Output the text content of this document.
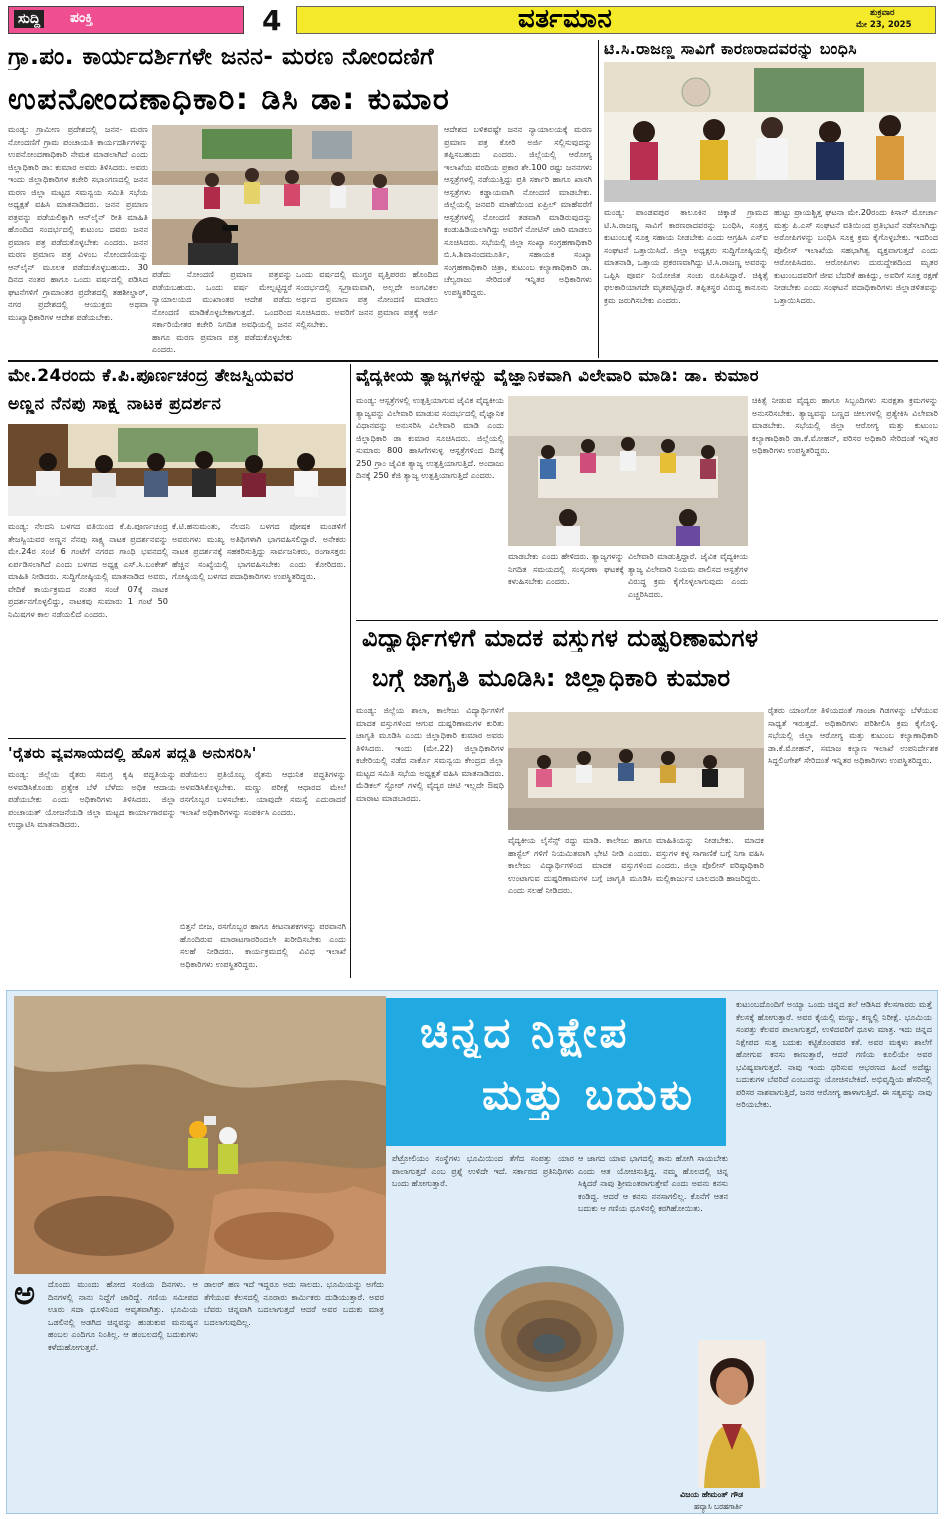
ಸುದ್ದಿ ಪಂಕ್ತಿ	4	ವರ್ತಮಾನ	ಶುಕ್ರವಾರ
ಮೇ 23, 2025
ಗ್ರಾ.ಪಂ. ಕಾರ್ಯದರ್ಶಿಗಳೇ ಜನನ- ಮರಣ ನೋಂದಣಿಗೆ
ಉಪನೋಂದಣಾಧಿಕಾರಿ: ಡಿಸಿ ಡಾ: ಕುಮಾರ
ಮಂಡ್ಯ: ಗ್ರಾಮೀಣ ಪ್ರದೇಶದಲ್ಲಿ ಜನನ- ಮರಣ ನೋಂದಣಿಗೆ ಗ್ರಾಮ ಪಂಚಾಯತಿ ಕಾರ್ಯದರ್ಶಿಗಳನ್ನು ಉಪನೋಂದಣಾಧಿಕಾರಿ ನೇಮಕ ಮಾಡಲಾಗಿದೆ ಎಂದು ಜಿಲ್ಲಾಧಿಕಾರಿ ಡಾ: ಕುಮಾರ ಅವರು ತಿಳಿಸಿದರು. ಅವರು ಇಂದು ಜಿಲ್ಲಾಧಿಕಾರಿಗಳ ಕಚೇರಿ ಸಭಾಂಗಣದಲ್ಲಿ ಜನನ ಮರಣ ಜಿಲ್ಲಾ ಮಟ್ಟದ ಸಮನ್ವಯ ಸಮಿತಿ ಸಭೆಯ ಅಧ್ಯಕ್ಷತೆ ವಹಿಸಿ ಮಾತನಾಡಿದರು. ಜನನ ಪ್ರಮಾಣ ಪತ್ರವನ್ನು ಪಡೆಯಲಿಕ್ಕಾಗಿ ಆನ್‌ಲೈನ್ ರೀತಿ ಮಾಹಿತಿ ಹೊಂದಿದ ಸಂದರ್ಭದಲ್ಲಿ ಕುಟುಂಬ ದವರು ಜನನ ಪ್ರಮಾಣ ಪತ್ರ ಪಡೆದುಕೊಳ್ಳಬೇಕು ಎಂದರು. ಜನನ ಮರಣ ಪ್ರಮಾಣ ಪತ್ರ ವಿಳಂಬ ನೋಂದಣಿಯನ್ನು ಆನ್‌ಲೈನ್ ಮೂಲಕ ಪಡೆದುಕೊಳ್ಳಬಹುದು. 30 ದಿನದ ನಂತರ ಹಾಗೂ ಒಂದು ವರ್ಷದಲ್ಲಿ ಪಡಿಸಿದ ಘಟನೆಗಳಿಗೆ ಗ್ರಾಮಾಂತರ ಪ್ರದೇಶದಲ್ಲಿ ತಹಶೀಲ್ದಾರ್, ನಗರ ಪ್ರದೇಶದಲ್ಲಿ ಆಯುಕ್ತರು ಅಥವಾ ಮುಖ್ಯಾಧಿಕಾರಿಗಳ ಆದೇಶ ಪಡೆಯಬೇಕು.
ಪಡೆದು ನೋಂದಣಿ ಪ್ರಮಾಣ ಪತ್ರವನ್ನು ಪಡೆಯಬಹುದು. ಒಂದು ವರ್ಷ ಮೇಲ್ಪಟ್ಟಿದ್ದರೆ ನ್ಯಾಯಾಲಯದ ಮುಖಾಂತರ ಆದೇಶ ಪಡೆದು ನೋಂದಣಿ ಮಾಡಿಕೊಳ್ಳಬೇಕಾಗುತ್ತದೆ. ಒಂದರಿಂದ ಸರ್ಕಾರಿಯೇತರ ಕಚೇರಿ ನಿಗದಿತ ಅವಧಿಯಲ್ಲಿ ಜನನ ಹಾಗೂ ಮರಣ ಪ್ರಮಾಣ ಪತ್ರ ಪಡೆದುಕೊಳ್ಳಬೇಕು ಎಂದರು.
ಒಂದು ವರ್ಷದಲ್ಲಿ ಮುಗ್ಧರ ವೃತ್ತಿಪರರು ಹೊಂದಿದ ಸಂದರ್ಭದಲ್ಲಿ ಸ್ವಗ್ರಾಮವಾಗಿ, ಅಲ್ಲದೇ ಅಂಗವಿಕಲ ಅರ್ಥದ ಪ್ರಮಾಣ ಪತ್ರ ನೋಂದಣಿ ಮಾಡಲು ಸೂಚಿಸಿದರು. ಅವರಿಗೆ ಜನನ ಪ್ರಮಾಣ ಪತ್ರಕ್ಕೆ ಅರ್ಜಿ ಸಲ್ಲಿಸಬೇಕು.
ಆದೇಶದ ಬಳಿಕವಷ್ಟೇ ಜನನ ನ್ಯಾಯಾಲಯಕ್ಕೆ ಮರಣ ಪ್ರಮಾಣ ಪತ್ರ ಕೋರಿ ಅರ್ಜಿ ಸಲ್ಲಿಸುವುದನ್ನು ತಪ್ಪಿಸಬಹುದು ಎಂದರು. ಜಿಲ್ಲೆಯಲ್ಲಿ ಆರೋಗ್ಯ ಇಲಾಖೆಯ ವರದಿಯ ಪ್ರಕಾರ ಶೇ.100 ರಷ್ಟು ಜನನಗಳು ಆಸ್ಪತ್ರೆಗಳಲ್ಲಿ ನಡೆಯುತ್ತಿದ್ದು ಪ್ರತಿ ಸರ್ಕಾರಿ ಹಾಗೂ ಖಾಸಗಿ ಆಸ್ಪತ್ರೆಗಳು ಕಡ್ಡಾಯವಾಗಿ ನೋಂದಣಿ ಮಾಡಬೇಕು. ಜಿಲ್ಲೆಯಲ್ಲಿ ಜನವರಿ ಮಾಹೆಯಿಂದ ಏಪ್ರಿಲ್ ಮಾಹೆವರೆಗೆ ಆಸ್ಪತ್ರೆಗಳಲ್ಲಿ ನೋಂದಣಿ ತಡವಾಗಿ ಮಾಡಿರುವುದನ್ನು ಕಂಡುಹಿಡಿಯಲಾಗಿದ್ದು ಅವರಿಗೆ ನೋಟಿಸ್ ಜಾರಿ ಮಾಡಲು ಸೂಚಿಸಿದರು. ಸಭೆಯಲ್ಲಿ ಜಿಲ್ಲಾ ಸಂಖ್ಯಾ ಸಂಗ್ರಹಣಾಧಿಕಾರಿ ಬಿ.ಸಿ.ಶಿವಾನಂದಮೂರ್ತಿ, ಸಹಾಯಕ ಸಂಖ್ಯಾ ಸಂಗ್ರಹಣಾಧಿಕಾರಿ ಚಿತ್ರಾ, ಕುಟುಂಬ ಕಲ್ಯಾಣಾಧಿಕಾರಿ ಡಾ. ಚೆಲ್ವರಾಜು ಸೇರಿದಂತೆ ಇನ್ನಿತರ ಅಧಿಕಾರಿಗಳು ಉಪಸ್ಥಿತರಿದ್ದರು.
ಟಿ.ಸಿ.ರಾಜಣ್ಣ ಸಾವಿಗೆ ಕಾರಣರಾದವರನ್ನು ಬಂಧಿಸಿ
ಮಂಡ್ಯ: ಪಾಂಡವಪುರ ತಾಲೂಕಿನ ಚಿಕ್ಕಾಡೆ ಗ್ರಾಮದ ಟಿ.ಸಿ.ರಾಜಣ್ಣ ಸಾವಿಗೆ ಕಾರಣರಾದವರನ್ನು ಬಂಧಿಸಿ, ಸಂತ್ರಸ್ತ ಕುಟುಂಬಕ್ಕೆ ಸೂಕ್ತ ಸಹಾಯ ನೀಡಬೇಕು ಎಂದು ಆಗ್ರಹಿಸಿ ಎಸ್ಐ ಸಂಘಟನೆ ಒತ್ತಾಯಿಸಿದೆ. ಜಿಲ್ಲಾ ಅಧ್ಯಕ್ಷರು ಸುದ್ದಿಗೋಷ್ಠಿಯಲ್ಲಿ ಮಾತನಾಡಿ, ಒತ್ತಾಯ ಪ್ರಕರಣವಾಗಿದ್ದು ಟಿ.ಸಿ.ರಾಜಣ್ಣ ಅವರನ್ನು ಒಪ್ಪಿಸಿ ಪೂರ್ವ ನಿಯೋಜಿತ ಸಂಚು ರೂಪಿಸಿದ್ದಾರೆ. ಚಿಕ್ಕಿತ್ಸೆ ಫಲಕಾರಿಯಾಗದೇ ಮೃತಪಟ್ಟಿದ್ದಾರೆ. ತಪ್ಪಿತಸ್ಥರ ವಿರುದ್ಧ ಕಾನೂನು ಕ್ರಮ ಜರುಗಿಸಬೇಕು ಎಂದರು.
ಹುಟ್ಟು ಪ್ರಾಯಶ್ಚಿತ್ತ ಘಟನಾ ಮೇ.20ರಂದು ಕಿಸಾನ್ ಮೋರ್ಚಾ ಮತ್ತು ಪಿ.ಎಸ್ ಸಂಘಟನೆ ವತಿಯಿಂದ ಪ್ರತಿಭಟನೆ ನಡೆಸಲಾಗಿದ್ದು ಅರೋಪಿಗಳನ್ನು ಬಂಧಿಸಿ ಸೂಕ್ತ ಕ್ರಮ ಕೈಗೊಳ್ಳಬೇಕು. ಇದರಿಂದ ಪೊಲೀಸ್ ಇಲಾಖೆಯ ಸಹಭಾಗಿತ್ವ ವ್ಯಕ್ತವಾಗುತ್ತದೆ ಎಂದು ಆರೋಪಿಸಿದರು. ಆರೋಪಿಗಳು ದುರುದ್ದೇಶದಿಂದ ಮೃತರ ಕುಟುಂಬದವರಿಗೆ ಜೀವ ಬೆದರಿಕೆ ಹಾಕಿದ್ದು, ಅವರಿಗೆ ಸೂಕ್ತ ರಕ್ಷಣೆ ನೀಡಬೇಕು ಎಂದು ಸಂಘಟನೆ ಪದಾಧಿಕಾರಿಗಳು ಜಿಲ್ಲಾಡಳಿತವನ್ನು ಒತ್ತಾಯಿಸಿದರು.
ಮೇ.24ರಂದು ಕೆ.ಪಿ.ಪೂರ್ಣಚಂದ್ರ ತೇಜಸ್ವಿಯವರ
ಅಣ್ಣನ ನೆನಪು ಸಾಕ್ಷ್ಯ ನಾಟಕ ಪ್ರದರ್ಶನ
ಮಂಡ್ಯ: ನೆಲದನಿ ಬಳಗದ ವತಿಯಿಂದ ಕೆ.ಪಿ.ಪೂರ್ಣಚಂದ್ರ ತೇಜಸ್ವಿಯವರ ಅಣ್ಣನ ನೆನಪು ಸಾಕ್ಷ್ಯ ನಾಟಕ ಪ್ರದರ್ಶನವನ್ನು ಮೇ.24ರ ಸಂಜೆ 6 ಗಂಟೆಗೆ ನಗರದ ಗಾಂಧಿ ಭವನದಲ್ಲಿ ಏರ್ಪಡಿಸಲಾಗಿದೆ ಎಂದು ಬಳಗದ ಅಧ್ಯಕ್ಷ ಎಸ್.ಸಿ.ಬಂಕೇಶ್ ಮಾಹಿತಿ ನೀಡಿದರು. ಸುದ್ದಿಗೋಷ್ಠಿಯಲ್ಲಿ ಮಾತನಾಡಿದ ಅವರು, ವೇದಿಕೆ ಕಾರ್ಯಕ್ರಮದ ನಂತರ ಸಂಜೆ 07ಕ್ಕೆ ನಾಟಕ ಪ್ರದರ್ಶನಗೊಳ್ಳಲಿದ್ದು, ನಾಟಕವು ಸುಮಾರು 1 ಗಂಟೆ 50 ನಿಮಿಷಗಳ ಕಾಲ ನಡೆಯಲಿದೆ ಎಂದರು.
ಕೆ.ಟಿ.ಹನುಮಂತು, ನೆಲದನಿ ಬಳಗದ ಪೋಷಕ ಮಂಡಳಿಗೆ ಅವರುಗಳು ಮುಖ್ಯ ಅತಿಥಿಗಳಾಗಿ ಭಾಗವಹಿಸಲಿದ್ದಾರೆ. ಅನೇಕರು ನಾಟಕ ಪ್ರದರ್ಶನಕ್ಕೆ ಸಹಕರಿಸುತ್ತಿದ್ದು ಸಾರ್ವಜನಿಕರು, ರಂಗಾಸಕ್ತರು ಹೆಚ್ಚಿನ ಸಂಖ್ಯೆಯಲ್ಲಿ ಭಾಗವಹಿಸಬೇಕು ಎಂದು ಕೋರಿದರು. ಗೋಷ್ಠಿಯಲ್ಲಿ ಬಳಗದ ಪದಾಧಿಕಾರಿಗಳು ಉಪಸ್ಥಿತರಿದ್ದರು.
'ರೈತರು ವ್ಯವಸಾಯದಲ್ಲಿ ಹೊಸ ಪದ್ಧತಿ ಅನುಸರಿಸಿ'
ಮಂಡ್ಯ: ಜಿಲ್ಲೆಯ ರೈತರು ಸಮಗ್ರ ಕೃಷಿ ಪದ್ಧತಿಯನ್ನು ಅಳವಡಿಸಿಕೊಂಡು ಪ್ರತ್ಯೇಕ ಬೆಳೆ ಬೆಳೆದು ಅಧಿಕ ಆದಾಯ ಪಡೆಯಬೇಕು ಎಂದು ಅಧಿಕಾರಿಗಳು ತಿಳಿಸಿದರು. ಜಿಲ್ಲಾ ಪಂಚಾಯತ್ ಯೋಜನೆಯಡಿ ಜಿಲ್ಲಾ ಮಟ್ಟದ ಕಾರ್ಯಾಗಾರವನ್ನು ಉದ್ಘಾಟಿಸಿ ಮಾತನಾಡಿದರು.
ಪಡೆಯಲು ಪ್ರತಿಯೊಬ್ಬ ರೈತನು ಆಧುನಿಕ ಪದ್ಧತಿಗಳನ್ನು ಅಳವಡಿಸಿಕೊಳ್ಳಬೇಕು. ಮಣ್ಣು ಪರೀಕ್ಷೆ ಆಧಾರದ ಮೇಲೆ ರಸಗೊಬ್ಬರ ಬಳಸಬೇಕು. ಯಾವುದೇ ಸಮಸ್ಯೆ ಎದುರಾದರೆ ಇಲಾಖೆ ಅಧಿಕಾರಿಗಳನ್ನು ಸಂಪರ್ಕಿಸಿ ಎಂದರು.
ಬಿತ್ತನೆ ಬೀಜ, ರಸಗೊಬ್ಬರ ಹಾಗೂ ಕೀಟನಾಶಕಗಳನ್ನು ಪರವಾನಗಿ ಹೊಂದಿರುವ ಮಾರಾಟಗಾರರಿಂದಲೇ ಖರೀದಿಸಬೇಕು ಎಂದು ಸಲಹೆ ನೀಡಿದರು. ಕಾರ್ಯಕ್ರಮದಲ್ಲಿ ವಿವಿಧ ಇಲಾಖೆ ಅಧಿಕಾರಿಗಳು ಉಪಸ್ಥಿತರಿದ್ದರು.
ವೈದ್ಯಕೀಯ ತ್ಯಾಜ್ಯಗಳನ್ನು ವೈಜ್ಞಾನಿಕವಾಗಿ ವಿಲೇವಾರಿ ಮಾಡಿ: ಡಾ. ಕುಮಾರ
ಮಂಡ್ಯ: ಆಸ್ಪತ್ರೆಗಳಲ್ಲಿ ಉತ್ಪತ್ತಿಯಾಗುವ ಜೈವಿಕ ವೈದ್ಯಕೀಯ ತ್ಯಾಜ್ಯವನ್ನು ವಿಲೇವಾರಿ ಮಾಡುವ ಸಂದರ್ಭದಲ್ಲಿ ವೈಜ್ಞಾನಿಕ ವಿಧಾನವನ್ನು ಅನುಸರಿಸಿ ವಿಲೇವಾರಿ ಮಾಡಿ ಎಂದು ಜಿಲ್ಲಾಧಿಕಾರಿ ಡಾ ಕುಮಾರ ಸೂಚಿಸಿದರು. ಜಿಲ್ಲೆಯಲ್ಲಿ ಸುಮಾರು 800 ಹಾಸಿಗೆಗಳುಳ್ಳ ಆಸ್ಪತ್ರೆಗಳಿಂದ ದಿನಕ್ಕೆ 250 ಗ್ರಾಂ ಜೈವಿಕ ತ್ಯಾಜ್ಯ ಉತ್ಪತ್ತಿಯಾಗುತ್ತಿದೆ. ಅಂದಾಜು ದಿನಕ್ಕೆ 250 ಕೆಜಿ ತ್ಯಾಜ್ಯ ಉತ್ಪತ್ತಿಯಾಗುತ್ತಿದೆ ಎಂದರು.
ಮಾಡಬೇಕು ಎಂದು ಹೇಳಿದರು. ತ್ಯಾಜ್ಯಗಳನ್ನು ನಿಗದಿತ ಸಮಯದಲ್ಲಿ ಸಂಸ್ಕರಣಾ ಘಟಕಕ್ಕೆ ಕಳುಹಿಸಬೇಕು ಎಂದರು.
ವಿಲೇವಾರಿ ಮಾಡುತ್ತಿದ್ದಾರೆ. ಜೈವಿಕ ವೈದ್ಯಕೀಯ ತ್ಯಾಜ್ಯ ವಿಲೇವಾರಿ ನಿಯಮ ಪಾಲಿಸದ ಆಸ್ಪತ್ರೆಗಳ ವಿರುದ್ಧ ಕ್ರಮ ಕೈಗೊಳ್ಳಲಾಗುವುದು ಎಂದು ಎಚ್ಚರಿಸಿದರು.
ಚಿಕಿತ್ಸೆ ನೀಡುವ ವೈದ್ಯರು ಹಾಗೂ ಸಿಬ್ಬಂದಿಗಳು ಸುರಕ್ಷತಾ ಕ್ರಮಗಳನ್ನು ಅನುಸರಿಸಬೇಕು. ತ್ಯಾಜ್ಯವನ್ನು ಬಣ್ಣದ ಚೀಲಗಳಲ್ಲಿ ಪ್ರತ್ಯೇಕಿಸಿ ವಿಲೇವಾರಿ ಮಾಡಬೇಕು. ಸಭೆಯಲ್ಲಿ ಜಿಲ್ಲಾ ಆರೋಗ್ಯ ಮತ್ತು ಕುಟುಂಬ ಕಲ್ಯಾಣಾಧಿಕಾರಿ ಡಾ.ಕೆ.ಮೋಹನ್, ಪರಿಸರ ಅಧಿಕಾರಿ ಸೇರಿದಂತೆ ಇನ್ನಿತರ ಅಧಿಕಾರಿಗಳು ಉಪಸ್ಥಿತರಿದ್ದರು.
ವಿದ್ಯಾರ್ಥಿಗಳಿಗೆ ಮಾದಕ ವಸ್ತುಗಳ ದುಷ್ಪರಿಣಾಮಗಳ
ಬಗ್ಗೆ ಜಾಗೃತಿ ಮೂಡಿಸಿ: ಜಿಲ್ಲಾಧಿಕಾರಿ ಕುಮಾರ
ಮಂಡ್ಯ: ಜಿಲ್ಲೆಯ ಶಾಲಾ, ಕಾಲೇಜು ವಿದ್ಯಾರ್ಥಿಗಳಿಗೆ ಮಾದಕ ವಸ್ತುಗಳಿಂದ ಆಗುವ ದುಷ್ಪರಿಣಾಮಗಳ ಕುರಿತು ಜಾಗೃತಿ ಮೂಡಿಸಿ ಎಂದು ಜಿಲ್ಲಾಧಿಕಾರಿ ಕುಮಾರ ಅವರು ತಿಳಿಸಿದರು. ಇಂದು (ಮೇ.22) ಜಿಲ್ಲಾಧಿಕಾರಿಗಳ ಕಚೇರಿಯಲ್ಲಿ ನಡೆದ ನಾರ್ಕೊ ಸಮನ್ವಯ ಕೇಂದ್ರದ ಜಿಲ್ಲಾ ಮಟ್ಟದ ಸಮಿತಿ ಸಭೆಯ ಅಧ್ಯಕ್ಷತೆ ವಹಿಸಿ ಮಾತನಾಡಿದರು. ಮೆಡಿಕಲ್ ಸ್ಟೋರ್ ಗಳಲ್ಲಿ ವೈದ್ಯರ ಚೀಟಿ ಇಲ್ಲದೇ ಔಷಧಿ ಮಾರಾಟ ಮಾಡಬಾರದು.
ವೈದ್ಯಕೀಯ ಲೈಸೆನ್ಸ್ ರದ್ದು ಮಾಡಿ. ಕಾಲೇಜು ಹಾಗೂ ಹಾಸ್ಟೆಲ್ ಗಳಿಗೆ ನಿಯಮಿತವಾಗಿ ಭೇಟಿ ನೀಡಿ ಎಂದರು. ಕಾಲೇಜು ವಿದ್ಯಾರ್ಥಿಗಳಿಂದ ಮಾದಕ ವಸ್ತುಗಳಿಂದ ಉಂಟಾಗುವ ದುಷ್ಪರಿಣಾಮಗಳ ಬಗ್ಗೆ ಜಾಗೃತಿ ಮೂಡಿಸಿ ಎಂದು ಸಲಹೆ ನೀಡಿದರು.
ಮಾಹಿತಿಯನ್ನು ನೀಡಬೇಕು. ಮಾದಕ ವಸ್ತುಗಳ ಕಳ್ಳ ಸಾಗಾಣಿಕೆ ಬಗ್ಗೆ ನಿಗಾ ವಹಿಸಿ ಎಂದರು. ಜಿಲ್ಲಾ ಪೊಲೀಸ್ ವರಿಷ್ಠಾಧಿಕಾರಿ ಮಲ್ಲಿಕಾರ್ಜುನ ಬಾಲದಂಡಿ ಹಾಜರಿದ್ದರು.
ರೈತರು ಯಾಂಗೋ ತಿಳಿಯದಂತೆ ಗಾಂಜಾ ಗಿಡಗಳನ್ನು ಬೆಳೆಯುವ ಸಾಧ್ಯತೆ ಇರುತ್ತದೆ. ಅಧಿಕಾರಿಗಳು ಪರಿಶೀಲಿಸಿ ಕ್ರಮ ಕೈಗೊಳ್ಳಿ. ಸಭೆಯಲ್ಲಿ ಜಿಲ್ಲಾ ಆರೋಗ್ಯ ಮತ್ತು ಕುಟುಂಬ ಕಲ್ಯಾಣಾಧಿಕಾರಿ ಡಾ.ಕೆ.ಮೋಹನ್, ಸಮಾಜ ಕಲ್ಯಾಣ ಇಲಾಖೆ ಉಪನಿರ್ದೇಶಕ ಸಿದ್ದಲಿಂಗೇಶ್ ಸೇರಿದಂತೆ ಇನ್ನಿತರ ಅಧಿಕಾರಿಗಳು ಉಪಸ್ಥಿತರಿದ್ದರು.
ಚಿನ್ನದ ನಿಕ್ಷೇಪ
ಮತ್ತು ಬದುಕು
ಪೆಟ್ರೋಲಿಯಂ ಸಂಸ್ಥೆಗಳು ಭೂಮಿಯಿಂದ ತೆಗೆದ ಸಂಪತ್ತು ಯಾರ ಪಾಲಾಗುತ್ತದೆ ಎಂಬ ಪ್ರಶ್ನೆ ಉಳಿದೇ ಇದೆ. ಸರ್ಕಾರದ ಪ್ರತಿನಿಧಿಗಳು ಬಂದು ಹೋಗುತ್ತಾರೆ.
ಆ ಜಾಗದ ಯಾವ ಭಾಗದಲ್ಲಿ ತಾನು ಹೋಗಿ ಸಾಯಬೇಕು ಎಂದು ಆತ ಯೋಚಿಸುತ್ತಿದ್ದ. ನಮ್ಮ ಹೊಲದಲ್ಲಿ ಚಿನ್ನ ಸಿಕ್ಕಿದರೆ ನಾವು ಶ್ರೀಮಂತರಾಗುತ್ತೇವೆ ಎಂದು ಅವನು ಕನಸು ಕಂಡಿದ್ದ. ಆದರೆ ಆ ಕನಸು ನನಸಾಗಲಿಲ್ಲ. ಕೊನೆಗೆ ಆತನ ಬದುಕು ಆ ಗಣಿಯ ಧೂಳಿನಲ್ಲಿ ಕರಗಿಹೋಯಿತು.
ಕುಟುಂಬದೊಂದಿಗೆ ಅಯ್ಯಾ ಒಂದು ಚಿನ್ನದ ತಲೆ ಆಡಿಸಿದ ಕೆಲಸಗಾರರು ಮತ್ತೆ ಕೆಲಸಕ್ಕೆ ಹೋಗುತ್ತಾರೆ. ಅವರ ಕೈಯಲ್ಲಿ ಮಣ್ಣು, ಕಣ್ಣಲ್ಲಿ ನಿರೀಕ್ಷೆ. ಭೂಮಿಯ ಸಂಪತ್ತು ಕೆಲವರ ಪಾಲಾಗುತ್ತದೆ, ಉಳಿದವರಿಗೆ ಧೂಳು ಮಾತ್ರ. ಇದು ಚಿನ್ನದ ನಿಕ್ಷೇಪದ ಸುತ್ತ ಬದುಕು ಕಟ್ಟಿಕೊಂಡವರ ಕತೆ. ಅವರ ಮಕ್ಕಳು ಶಾಲೆಗೆ ಹೋಗುವ ಕನಸು ಕಾಣುತ್ತಾರೆ, ಆದರೆ ಗಣಿಯ ಕೂಲಿಯೇ ಅವರ ಭವಿಷ್ಯವಾಗುತ್ತದೆ. ನಾವು ಇಂದು ಧರಿಸುವ ಆಭರಣದ ಹಿಂದೆ ಅದೆಷ್ಟು ಬದುಕುಗಳ ಬೆವರಿದೆ ಎಂಬುದನ್ನು ಯೋಚಿಸಬೇಕಿದೆ. ಅಭಿವೃದ್ಧಿಯ ಹೆಸರಿನಲ್ಲಿ ಪರಿಸರ ನಾಶವಾಗುತ್ತಿದೆ, ಜನರ ಆರೋಗ್ಯ ಹಾಳಾಗುತ್ತಿದೆ. ಈ ಸತ್ಯವನ್ನು ನಾವು ಅರಿಯಬೇಕು.
ಅ ದೊಂದು ಮುಂದು ಹೋದ ಸಂಜಿಯ ದಿನಗಳು. ಆ ದಿನಗಳಲ್ಲಿ ನಾನು ನಿದ್ದೆಗೆ ಜಾರಿದ್ದೆ. ಗಣಿಯ ಸಮೀಪದ ಊರು ಸದಾ ಧೂಳಿನಿಂದ ಆವೃತವಾಗಿತ್ತು. ಭೂಮಿಯ ಒಡಲಿನಲ್ಲಿ ಅಡಗಿದ ಚಿನ್ನವನ್ನು ಹುಡುಕುವ ಮನುಷ್ಯನ ಹಂಬಲ ಎಂದಿಗೂ ನಿಂತಿಲ್ಲ. ಆ ಹಂಬಲದಲ್ಲಿ ಬದುಕುಗಳು ಕಳೆದುಹೋಗುತ್ತವೆ.
ಡಾಲರ್ ಹಣ ಇದೆ ಇದ್ದರೂ ಅದು ಸಾಲದು. ಭೂಮಿಯನ್ನು ಅಗೆದು ತೆಗೆಯುವ ಕೆಲಸದಲ್ಲಿ ನೂರಾರು ಕಾರ್ಮಿಕರು ದುಡಿಯುತ್ತಾರೆ. ಅವರ ಬೆವರು ಚಿನ್ನವಾಗಿ ಬದಲಾಗುತ್ತದೆ ಆದರೆ ಅವರ ಬದುಕು ಮಾತ್ರ ಬದಲಾಗುವುದಿಲ್ಲ.
ವಿಜಯ ಹೇಮಂತ್ ಗೌಡ
ಹವ್ಯಾಸಿ ಬರಹಗಾರ್ತಿ
